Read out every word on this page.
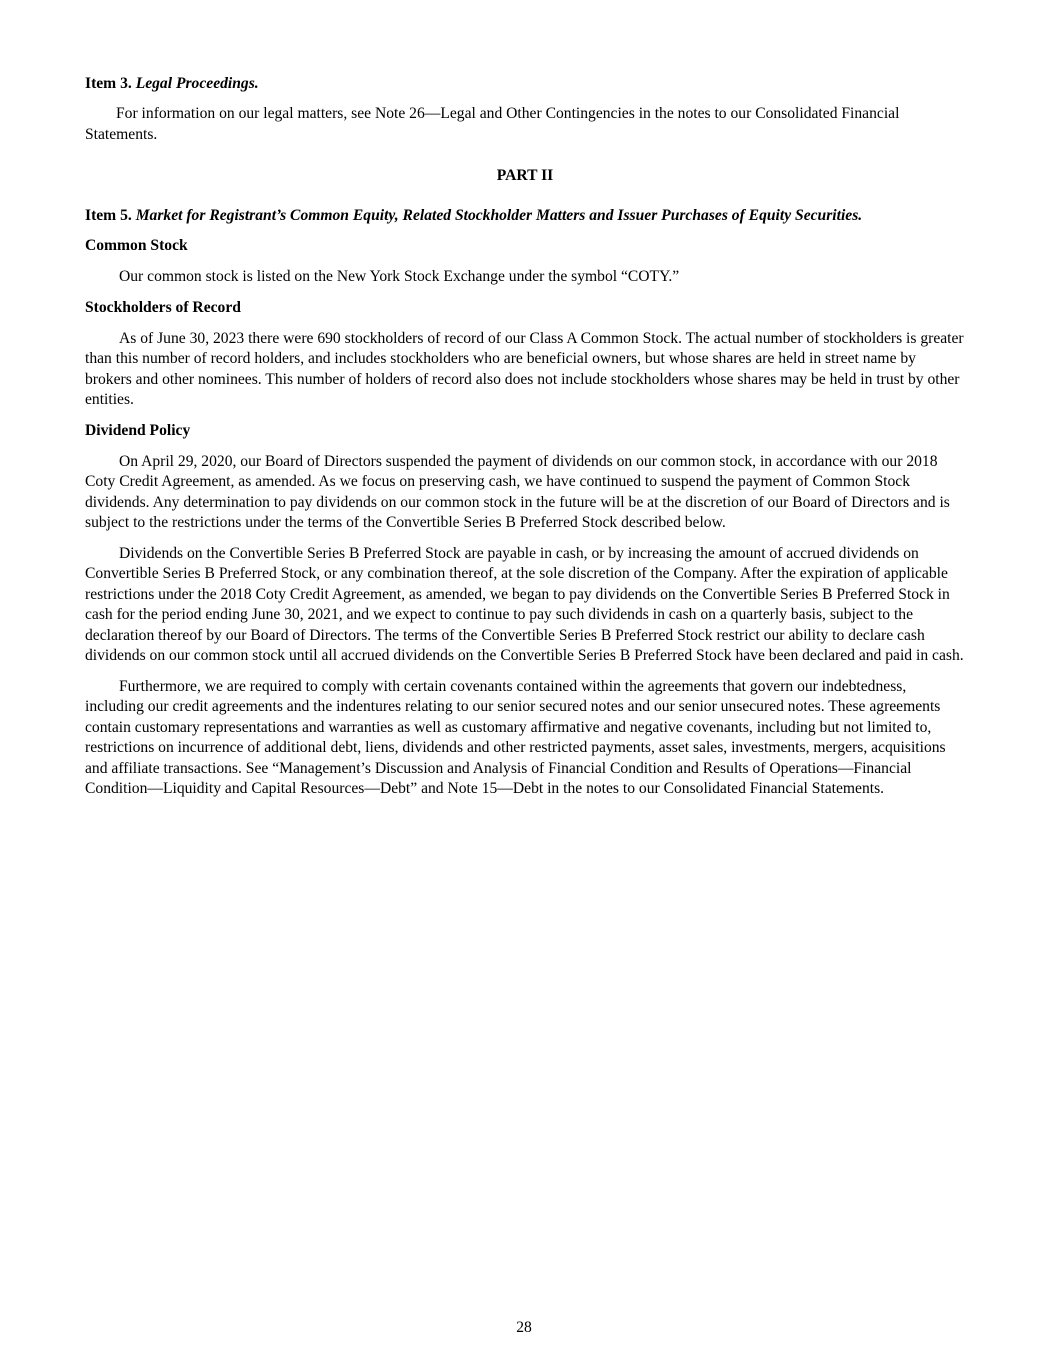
Item 3. Legal Proceedings.

For information on our legal matters, see Note 26—Legal and Other Contingencies in the notes to our Consolidated Financial Statements.

PART II
Item 5. Market for Registrant’s Common Equity, Related Stockholder Matters and Issuer Purchases of Equity Securities.
Common Stock

Our common stock is listed on the New York Stock Exchange under the symbol “COTY.”

Stockholders of Record

As of June 30, 2023 there were 690 stockholders of record of our Class A Common Stock. The actual number of stockholders is greater than this number of record holders, and includes stockholders who are beneficial owners, but whose shares are held in street name by brokers and other nominees. This number of holders of record also does not include stockholders whose shares may be held in trust by other entities.

Dividend Policy

On April 29, 2020, our Board of Directors suspended the payment of dividends on our common stock, in accordance with our 2018 Coty Credit Agreement, as amended. As we focus on preserving cash, we have continued to suspend the payment of Common Stock dividends. Any determination to pay dividends on our common stock in the future will be at the discretion of our Board of Directors and is subject to the restrictions under the terms of the Convertible Series B Preferred Stock described below.

Dividends on the Convertible Series B Preferred Stock are payable in cash, or by increasing the amount of accrued dividends on Convertible Series B Preferred Stock, or any combination thereof, at the sole discretion of the Company. After the expiration of applicable restrictions under the 2018 Coty Credit Agreement, as amended, we began to pay dividends on the Convertible Series B Preferred Stock in cash for the period ending June 30, 2021, and we expect to continue to pay such dividends in cash on a quarterly basis, subject to the declaration thereof by our Board of Directors. The terms of the Convertible Series B Preferred Stock restrict our ability to declare cash dividends on our common stock until all accrued dividends on the Convertible Series B Preferred Stock have been declared and paid in cash.

Furthermore, we are required to comply with certain covenants contained within the agreements that govern our indebtedness, including our credit agreements and the indentures relating to our senior secured notes and our senior unsecured notes. These agreements contain customary representations and warranties as well as customary affirmative and negative covenants, including but not limited to, restrictions on incurrence of additional debt, liens, dividends and other restricted payments, asset sales, investments, mergers, acquisitions and affiliate transactions. See “Management’s Discussion and Analysis of Financial Condition and Results of Operations—Financial Condition—Liquidity and Capital Resources—Debt” and Note 15—Debt in the notes to our Consolidated Financial Statements.

28
